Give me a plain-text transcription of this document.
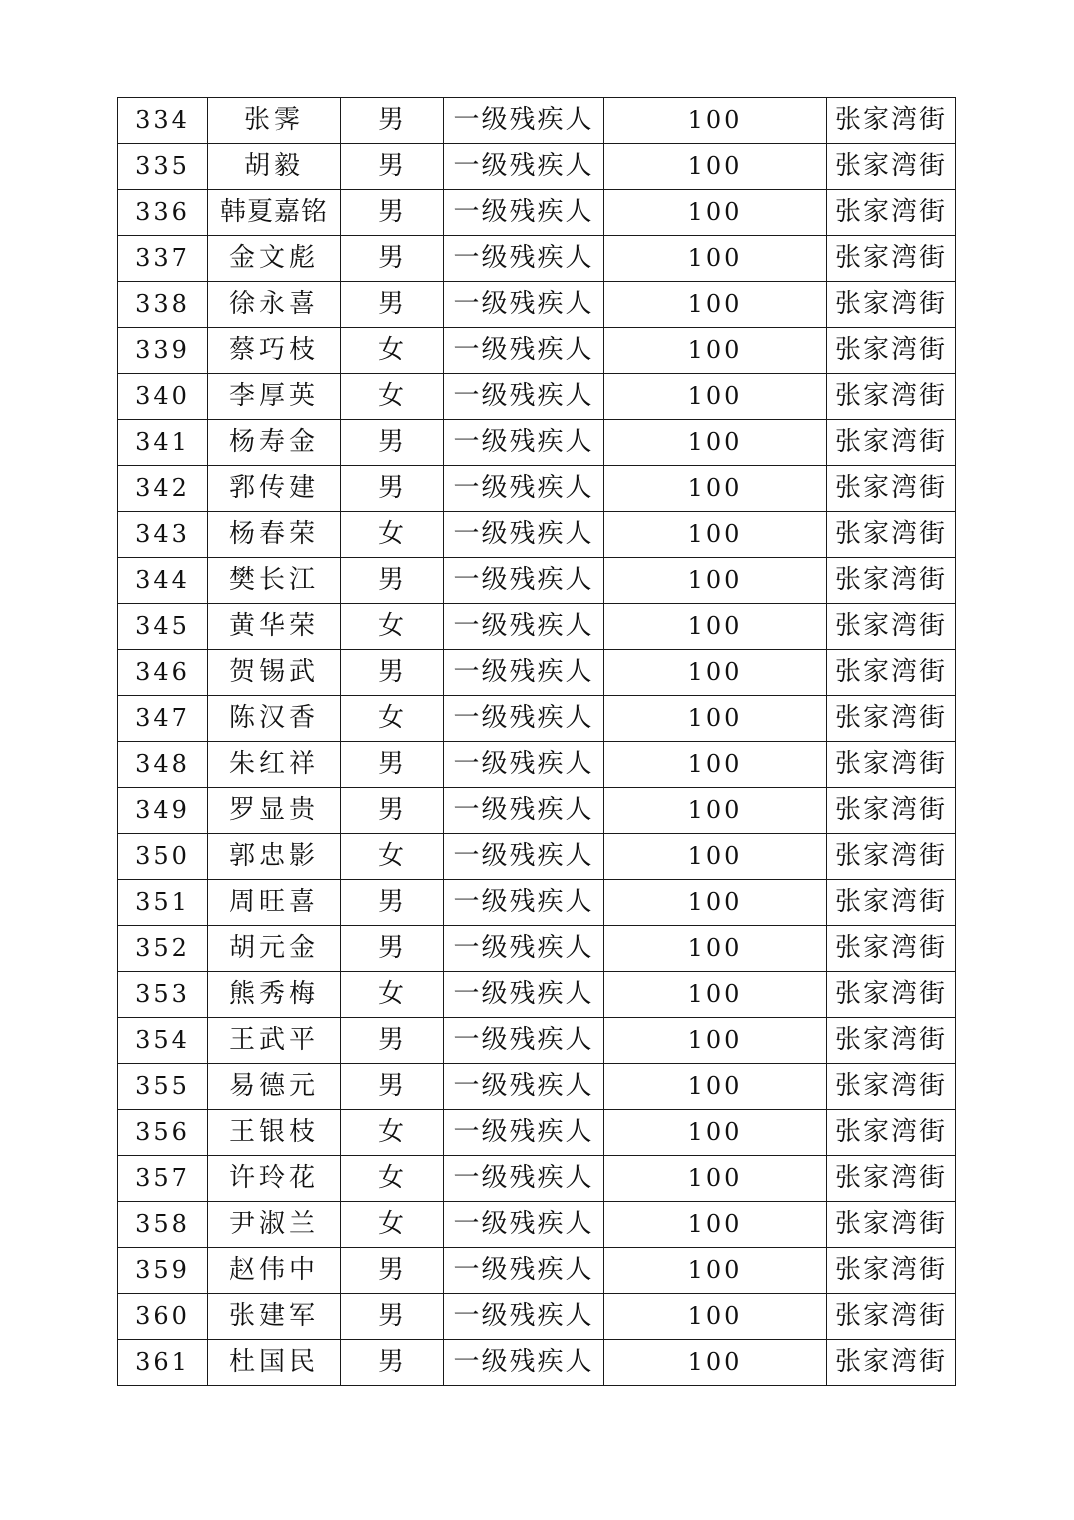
334	张霁	男	一级残疾人	100	张家湾街
335	胡毅	男	一级残疾人	100	张家湾街
336	韩夏嘉铭	男	一级残疾人	100	张家湾街
337	金文彪	男	一级残疾人	100	张家湾街
338	徐永喜	男	一级残疾人	100	张家湾街
339	蔡巧枝	女	一级残疾人	100	张家湾街
340	李厚英	女	一级残疾人	100	张家湾街
341	杨寿金	男	一级残疾人	100	张家湾街
342	郛传建	男	一级残疾人	100	张家湾街
343	杨春荣	女	一级残疾人	100	张家湾街
344	樊长江	男	一级残疾人	100	张家湾街
345	黄华荣	女	一级残疾人	100	张家湾街
346	贺锡武	男	一级残疾人	100	张家湾街
347	陈汉香	女	一级残疾人	100	张家湾街
348	朱红祥	男	一级残疾人	100	张家湾街
349	罗显贵	男	一级残疾人	100	张家湾街
350	郭忠影	女	一级残疾人	100	张家湾街
351	周旺喜	男	一级残疾人	100	张家湾街
352	胡元金	男	一级残疾人	100	张家湾街
353	熊秀梅	女	一级残疾人	100	张家湾街
354	王武平	男	一级残疾人	100	张家湾街
355	易德元	男	一级残疾人	100	张家湾街
356	王银枝	女	一级残疾人	100	张家湾街
357	许玲花	女	一级残疾人	100	张家湾街
358	尹淑兰	女	一级残疾人	100	张家湾街
359	赵伟中	男	一级残疾人	100	张家湾街
360	张建军	男	一级残疾人	100	张家湾街
361	杜国民	男	一级残疾人	100	张家湾街
